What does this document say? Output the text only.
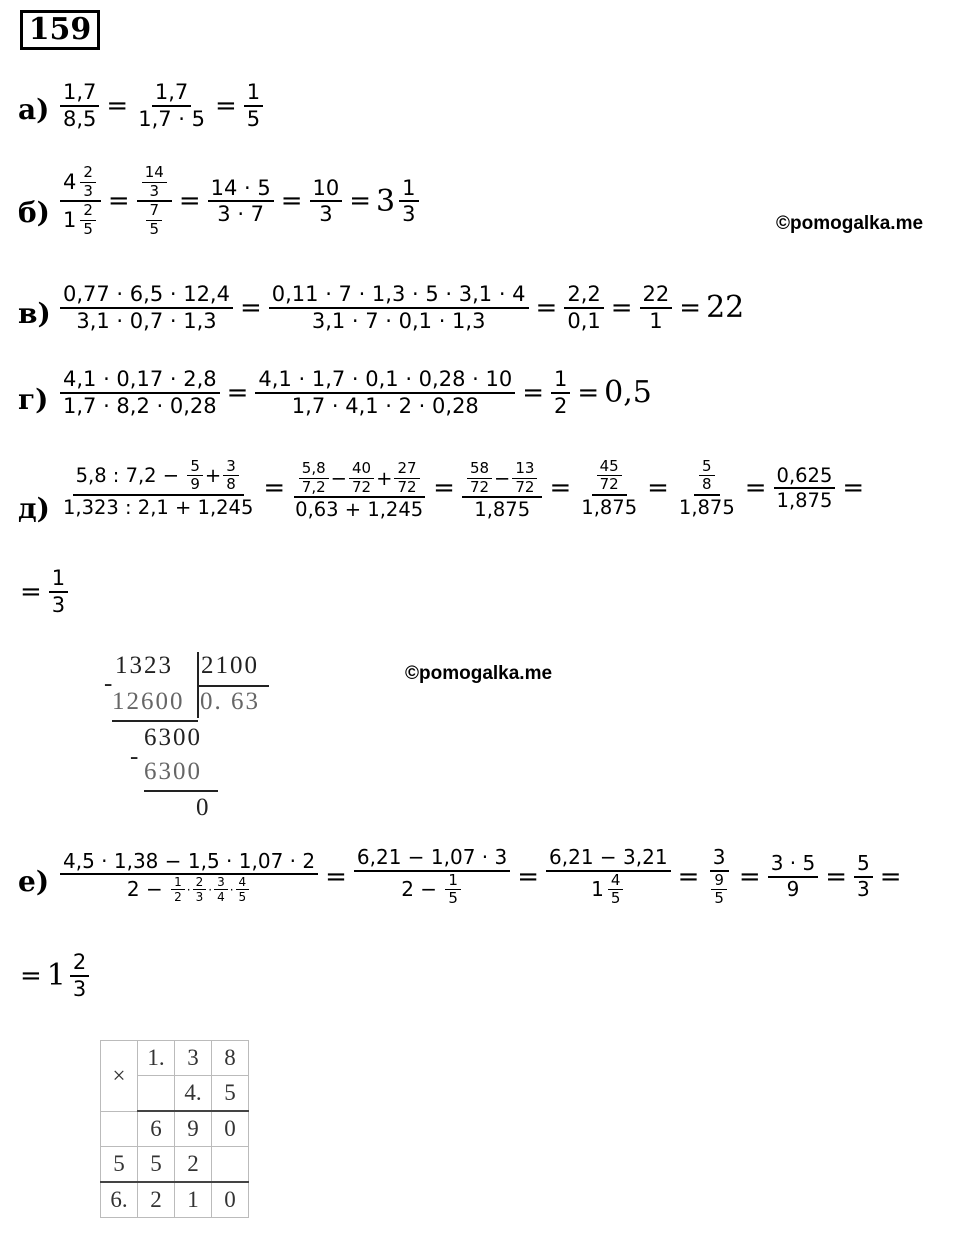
159
$а) \frac{1,7}{8,5} = \frac{1,7}{1,7 \cdot 5} = \frac{1}{5}$
$б) \frac{4 \frac{2}{3}}{1 \frac{2}{5}} = \frac{\frac{14}{3}}{\frac{7}{5}} = \frac{14 \cdot 5}{3 \cdot 7} = \frac{10}{3} = 3 \frac{1}{3}$	©pomogalka.me
$в) \frac{0,77 \cdot 6,5 \cdot 12,4}{3,1 \cdot 0,7 \cdot 1,3} = \frac{0,11 \cdot 7 \cdot 1,3 \cdot 5 \cdot 3,1 \cdot 4}{3,1 \cdot 7 \cdot 0,1 \cdot 1,3} = \frac{2,2}{0,1} = \frac{22}{1} = 22$
$г) \frac{4,1 \cdot 0,17 \cdot 2,8}{1,7 \cdot 8,2 \cdot 0,28} = \frac{4,1 \cdot 1,7 \cdot 0,1 \cdot 0,28 \cdot 10}{1,7 \cdot 4,1 \cdot 2 \cdot 0,28} = \frac{1}{2} = 0,5$
д) 5,8 : 7,2 −
$\frac{5}{9} + \frac{3}{8}$
1,323 : $2,1 + 1,245 = \frac{\frac{5,8}{7,2} - \frac{40}{72} + \frac{27}{72}}{0,63 + 1,245} = \frac{\frac{58}{72} - \frac{13}{72}}{1,875} = \frac{45}{72}$
1,875
= $\frac{5}{8}$
1,875
= $\frac{0,625}{1,875}$ =
= $\frac{1}{3}$
1323
-
2100
12600 0. 63
6300
-
6300
0
©pomogalka.me
е) 4,5 · 1,38 − 1,5 · 1,07 · 2
2 −
$\frac{1}{2} \cdot \frac{2}{3} \cdot \frac{3}{4} \cdot \frac{4}{5} = 6,21 - 1,07 \cdot 3$
2 −
$\frac{1}{5} = \frac{6,21 - 3,21}{1 \frac{4}{5}}$ =
3
$\frac{9}{5} = \frac{3 \cdot 5}{9} = \frac{5}{3}$ =
= $1 \frac{2}{3}$
×	1.	3	8
		4.	5
	6	9	0
5	5	2	
6.	2	1	0
